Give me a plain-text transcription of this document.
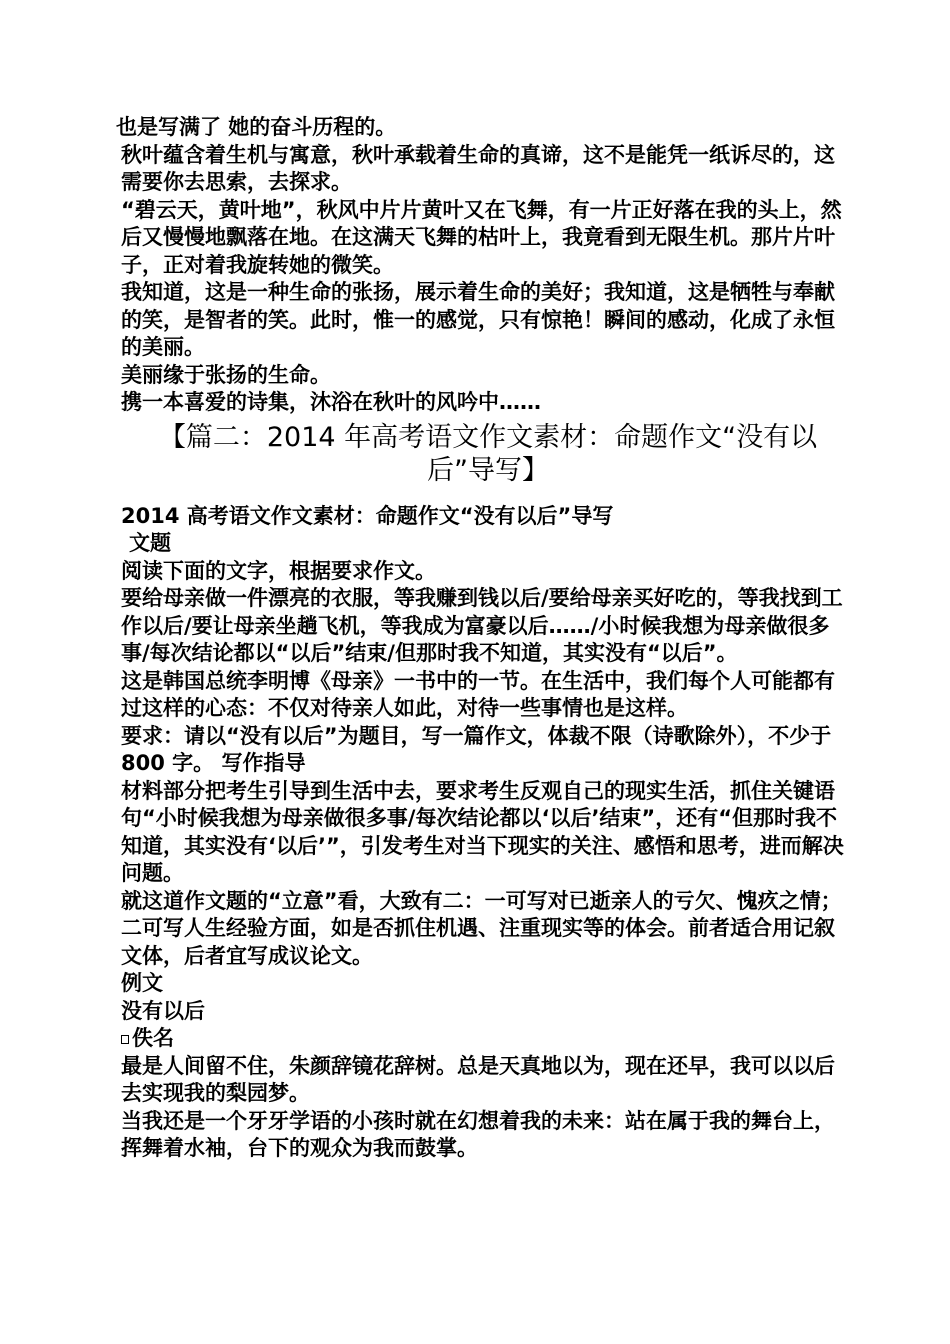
也是写满了 她的奋斗历程的。

秋叶蕴含着生机与寓意，秋叶承载着生命的真谛，这不是能凭一纸诉尽的，这需要你去思索，去探求。

“碧云天，黄叶地”，秋风中片片黄叶又在飞舞，有一片正好落在我的头上，然后又慢慢地飘落在地。在这满天飞舞的枯叶上，我竟看到无限生机。那片片叶子，正对着我旋转她的微笑。

我知道，这是一种生命的张扬，展示着生命的美好；我知道，这是牺牲与奉献的笑，是智者的笑。此时，惟一的感觉，只有惊艳！瞬间的感动，化成了永恒的美丽。

美丽缘于张扬的生命。

携一本喜爱的诗集，沐浴在秋叶的风吟中……

【篇二：2014 年高考语文作文素材：命题作文“没有以
后”导写】

2014 高考语文作文素材：命题作文“没有以后”导写

文题

阅读下面的文字，根据要求作文。

要给母亲做一件漂亮的衣服，等我赚到钱以后/要给母亲买好吃的，等我找到工作以后/要让母亲坐趟飞机，等我成为富豪以后……/小时候我想为母亲做很多事/每次结论都以“以后”结束/但那时我不知道，其实没有“以后”。

这是韩国总统李明博《母亲》一书中的一节。在生活中，我们每个人可能都有过这样的心态：不仅对待亲人如此，对待一些事情也是这样。

要求：请以“没有以后”为题目，写一篇作文，体裁不限（诗歌除外），不少于 800 字。 写作指导

材料部分把考生引导到生活中去，要求考生反观自己的现实生活，抓住关键语句“小时候我想为母亲做很多事/每次结论都以‘以后’结束”，还有“但那时我不知道，其实没有‘以后’”，引发考生对当下现实的关注、感悟和思考，进而解决问题。

就这道作文题的“立意”看，大致有二：一可写对已逝亲人的亏欠、愧疚之情；二可写人生经验方面，如是否抓住机遇、注重现实等的体会。前者适合用记叙文体，后者宜写成议论文。

例文

没有以后

佚名

最是人间留不住，朱颜辞镜花辞树。总是天真地以为，现在还早，我可以以后去实现我的梨园梦。

当我还是一个牙牙学语的小孩时就在幻想着我的未来：站在属于我的舞台上，挥舞着水袖，台下的观众为我而鼓掌。
